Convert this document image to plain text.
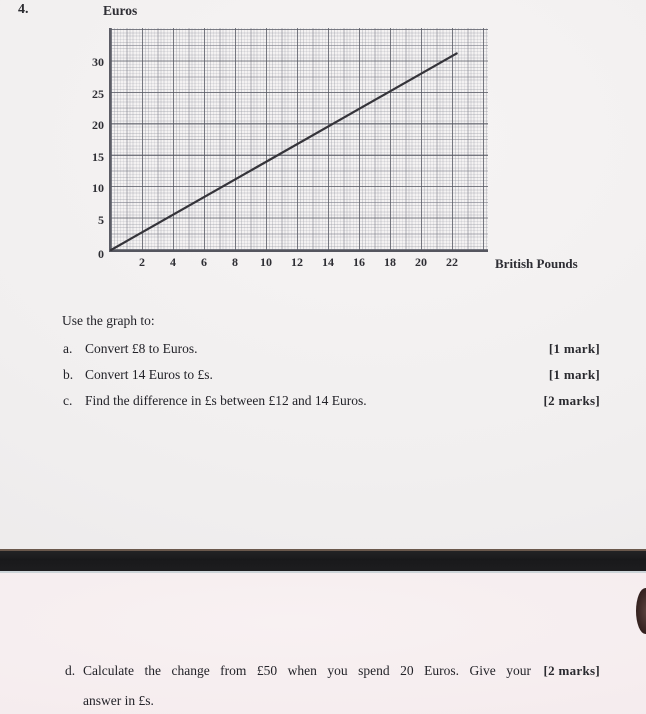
4.	Euros
0
5
10
15
20
25
30
2	4	6	8	10	12	14	16	18	20	22	British Pounds
Use the graph to:
a. Convert £8 to Euros.	[1 mark]
b. Convert 14 Euros to £s.	[1 mark]
c. Find the difference in £s between £12 and 14 Euros.	[2 marks]
d. Calculate the change from £50 when you spend 20 Euros. Give your [2 marks]
answer in £s.
